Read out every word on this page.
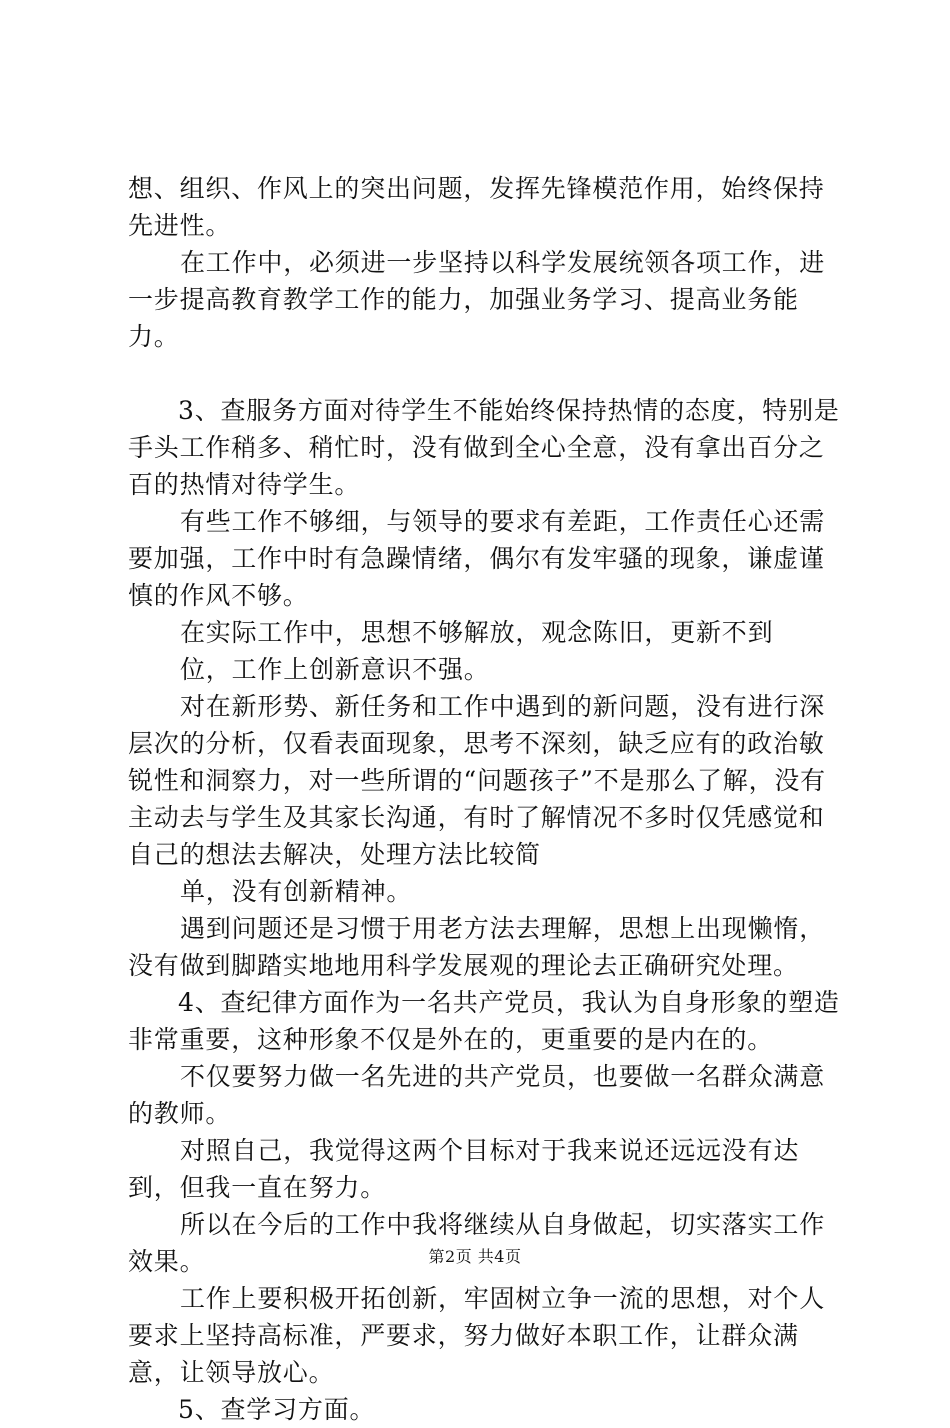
想、组织、作风上的突出问题，发挥先锋模范作用，始终保持先进性。

在工作中，必须进一步坚持以科学发展统领各项工作，进一步提高教育教学工作的能力，加强业务学习、提高业务能力。

3、查服务方面对待学生不能始终保持热情的态度，特别是手头工作稍多、稍忙时，没有做到全心全意，没有拿出百分之百的热情对待学生。

有些工作不够细，与领导的要求有差距，工作责任心还需要加强，工作中时有急躁情绪，偶尔有发牢骚的现象，谦虚谨慎的作风不够。

在实际工作中，思想不够解放，观念陈旧，更新不到

位，工作上创新意识不强。

对在新形势、新任务和工作中遇到的新问题，没有进行深层次的分析，仅看表面现象，思考不深刻，缺乏应有的政治敏锐性和洞察力，对一些所谓的“问题孩子”不是那么了解，没有主动去与学生及其家长沟通，有时了解情况不多时仅凭感觉和自己的想法去解决，处理方法比较简

单，没有创新精神。

遇到问题还是习惯于用老方法去理解，思想上出现懒惰，没有做到脚踏实地地用科学发展观的理论去正确研究处理。

4、查纪律方面作为一名共产党员，我认为自身形象的塑造非常重要，这种形象不仅是外在的，更重要的是内在的。

不仅要努力做一名先进的共产党员，也要做一名群众满意的教师。

对照自己，我觉得这两个目标对于我来说还远远没有达到，但我一直在努力。

所以在今后的工作中我将继续从自身做起，切实落实工作效果。

工作上要积极开拓创新，牢固树立争一流的思想，对个人要求上坚持高标准，严要求，努力做好本职工作，让群众满意，让领导放心。

5、查学习方面。

第2页 共4页
